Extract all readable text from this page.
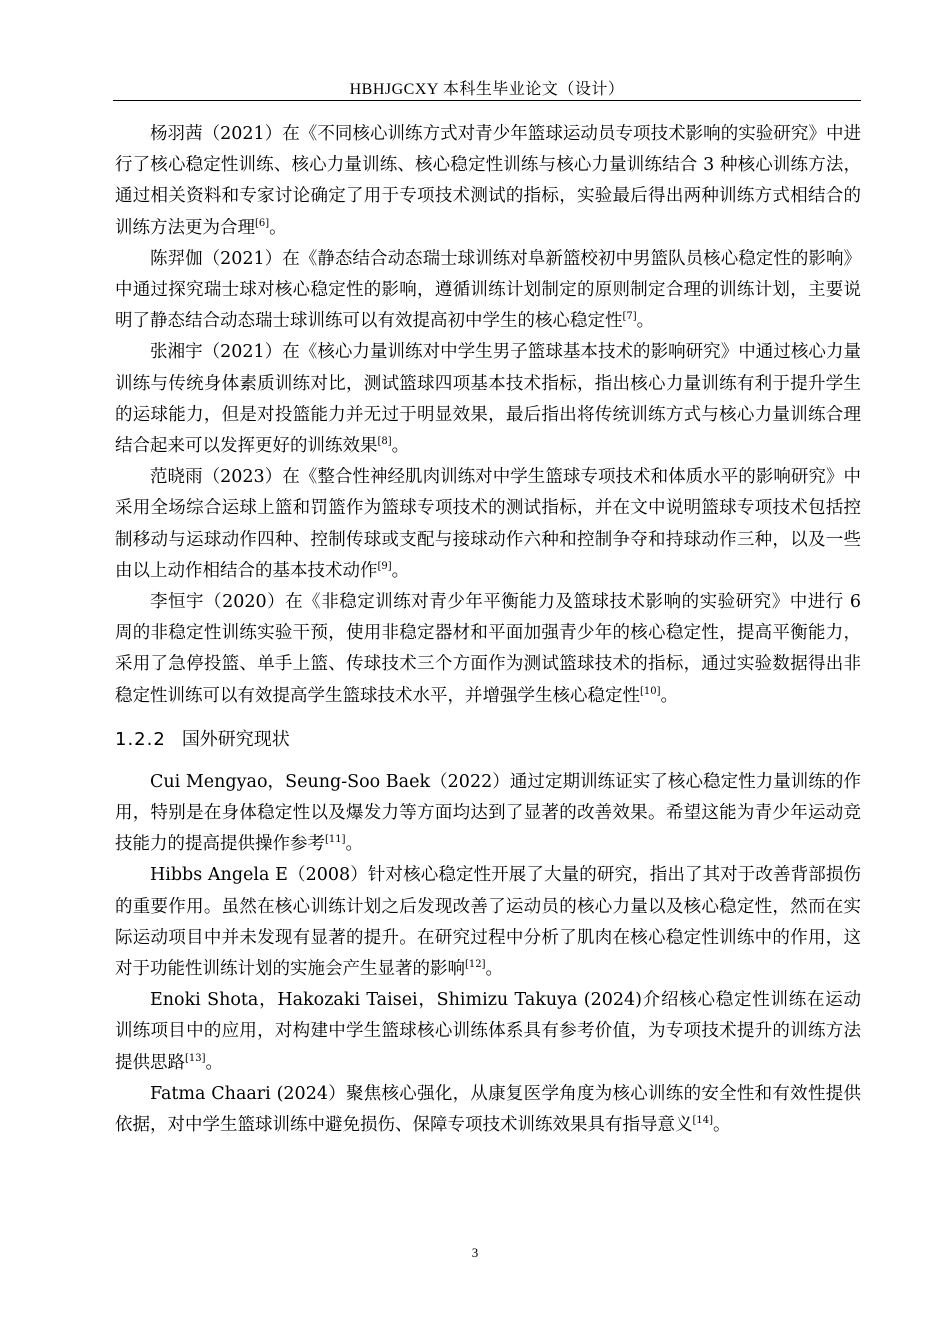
HBHJGCXY 本科生毕业论文（设计）

杨羽茜（2021）在《不同核心训练方式对青少年篮球运动员专项技术影响的实验研究》中进行了核心稳定性训练、核心力量训练、核心稳定性训练与核心力量训练结合 3 种核心训练方法，通过相关资料和专家讨论确定了用于专项技术测试的指标，实验最后得出两种训练方式相结合的训练方法更为合理[6]。

陈羿伽（2021）在《静态结合动态瑞士球训练对阜新篮校初中男篮队员核心稳定性的影响》中通过探究瑞士球对核心稳定性的影响，遵循训练计划制定的原则制定合理的训练计划，主要说明了静态结合动态瑞士球训练可以有效提高初中学生的核心稳定性[7]。

张湘宇（2021）在《核心力量训练对中学生男子篮球基本技术的影响研究》中通过核心力量训练与传统身体素质训练对比，测试篮球四项基本技术指标，指出核心力量训练有利于提升学生的运球能力，但是对投篮能力并无过于明显效果，最后指出将传统训练方式与核心力量训练合理结合起来可以发挥更好的训练效果[8]。

范晓雨（2023）在《整合性神经肌肉训练对中学生篮球专项技术和体质水平的影响研究》中采用全场综合运球上篮和罚篮作为篮球专项技术的测试指标，并在文中说明篮球专项技术包括控制移动与运球动作四种、控制传球或支配与接球动作六种和控制争夺和持球动作三种，以及一些由以上动作相结合的基本技术动作[9]。

李恒宇（2020）在《非稳定训练对青少年平衡能力及篮球技术影响的实验研究》中进行 6 周的非稳定性训练实验干预，使用非稳定器材和平面加强青少年的核心稳定性，提高平衡能力，采用了急停投篮、单手上篮、传球技术三个方面作为测试篮球技术的指标，通过实验数据得出非稳定性训练可以有效提高学生篮球技术水平，并增强学生核心稳定性[10]。

1.2.2 国外研究现状

Cui Mengyao，Seung-Soo Baek（2022）通过定期训练证实了核心稳定性力量训练的作用，特别是在身体稳定性以及爆发力等方面均达到了显著的改善效果。希望这能为青少年运动竞技能力的提高提供操作参考[11]。

Hibbs Angela E（2008）针对核心稳定性开展了大量的研究，指出了其对于改善背部损伤的重要作用。虽然在核心训练计划之后发现改善了运动员的核心力量以及核心稳定性，然而在实际运动项目中并未发现有显著的提升。在研究过程中分析了肌肉在核心稳定性训练中的作用，这对于功能性训练计划的实施会产生显著的影响[12]。

Enoki Shota，Hakozaki Taisei，Shimizu Takuya (2024)介绍核心稳定性训练在运动训练项目中的应用，对构建中学生篮球核心训练体系具有参考价值，为专项技术提升的训练方法提供思路[13]。

Fatma Chaari (2024）聚焦核心强化，从康复医学角度为核心训练的安全性和有效性提供依据，对中学生篮球训练中避免损伤、保障专项技术训练效果具有指导意义[14]。

3
